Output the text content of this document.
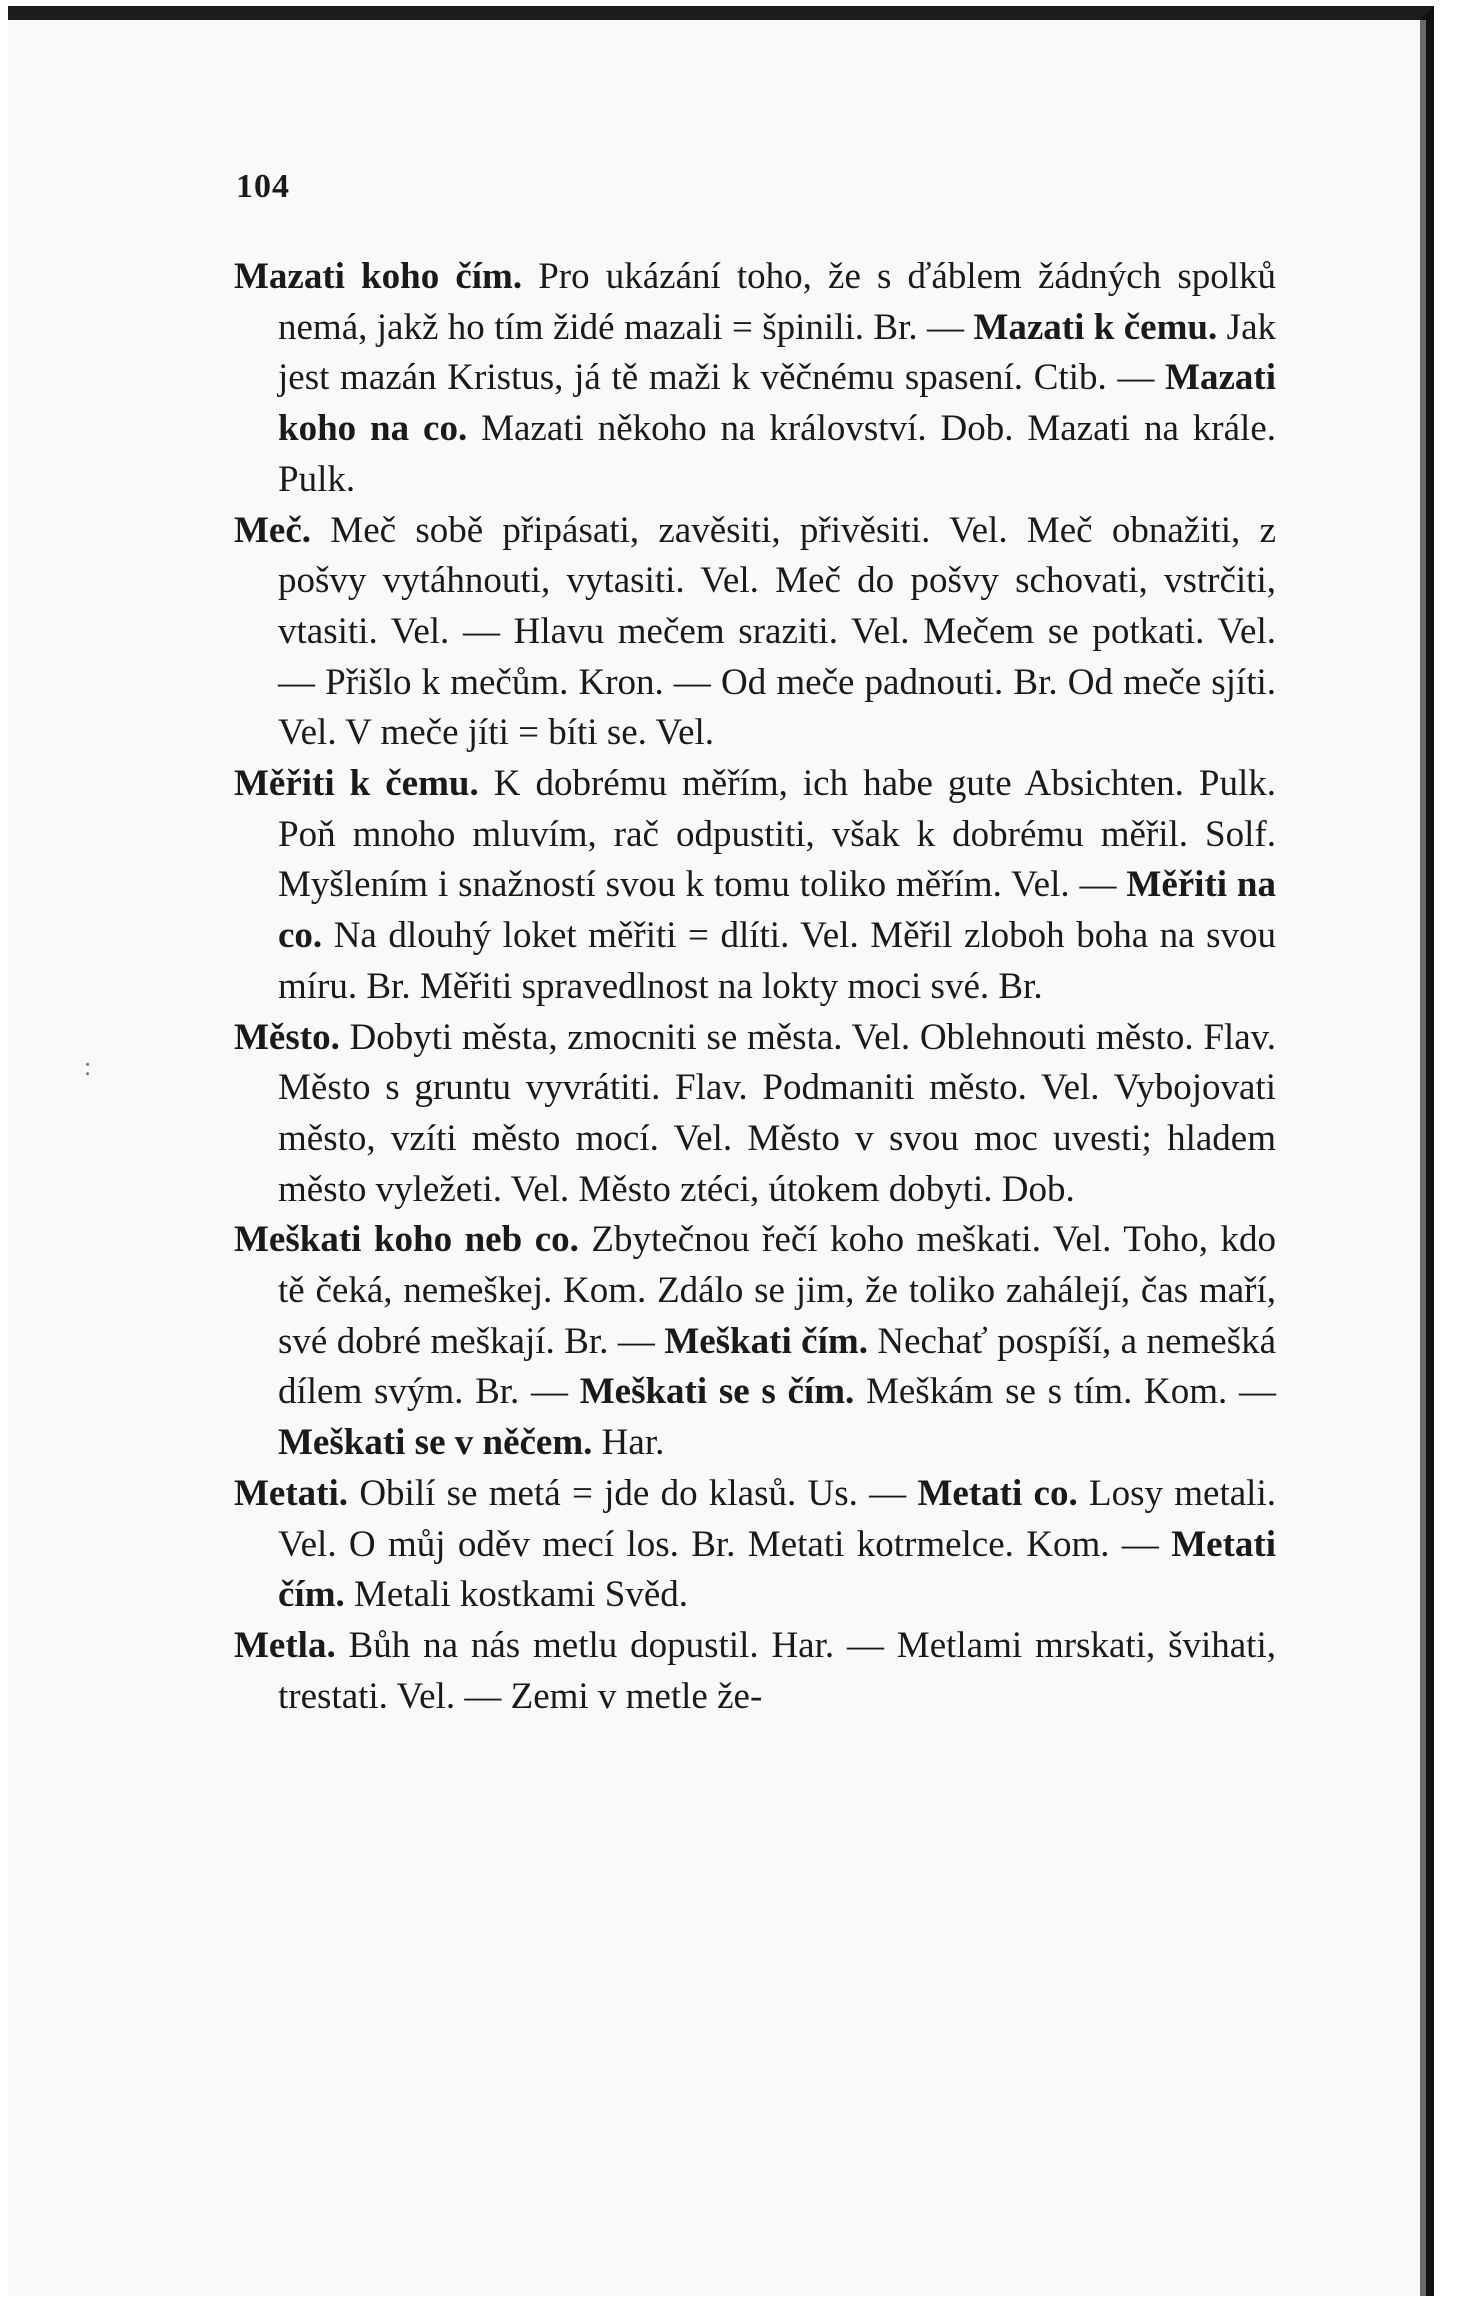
:
104

Mazati koho čím. Pro ukázání toho, že s ďáblem žádných spolků nemá, jakž ho tím židé mazali = špinili. Br. — Mazati k čemu. Jak jest mazán Kristus, já tě maži k věčnému spasení. Ctib. — Mazati koho na co. Mazati někoho na království. Dob. Mazati na krále. Pulk.

Meč. Meč sobě připásati, zavěsiti, přivěsiti. Vel. Meč obnažiti, z pošvy vytáhnouti, vytasiti. Vel. Meč do pošvy schovati, vstrčiti, vtasiti. Vel. — Hlavu mečem sraziti. Vel. Mečem se potkati. Vel. — Přišlo k mečům. Kron. — Od meče padnouti. Br. Od meče sjíti. Vel. V meče jíti = bíti se. Vel.

Měřiti k čemu. K dobrému měřím, ich habe gute Absichten. Pulk. Poň mnoho mluvím, rač odpustiti, však k dobrému měřil. Solf. Myšlením i snažností svou k tomu toliko měřím. Vel. — Měřiti na co. Na dlouhý loket měřiti = dlíti. Vel. Měřil zloboh boha na svou míru. Br. Měřiti spravedlnost na lokty moci své. Br.

Město. Dobyti města, zmocniti se města. Vel. Oblehnouti město. Flav. Město s gruntu vyvrátiti. Flav. Podmaniti město. Vel. Vybojovati město, vzíti město mocí. Vel. Město v svou moc uvesti; hladem město vyležeti. Vel. Město ztéci, útokem dobyti. Dob.

Meškati koho neb co. Zbytečnou řečí koho meškati. Vel. Toho, kdo tě čeká, nemeškej. Kom. Zdálo se jim, že toliko zahálejí, čas maří, své dobré meškají. Br. — Meškati čím. Nechať pospíší, a nemešká dílem svým. Br. — Meškati se s čím. Meškám se s tím. Kom. — Meškati se v něčem. Har.

Metati. Obilí se metá = jde do klasů. Us. — Metati co. Losy metali. Vel. O můj oděv mecí los. Br. Metati kotrmelce. Kom. — Metati čím. Metali kostkami Svěd.

Metla. Bůh na nás metlu dopustil. Har. — Metlami mrskati, švihati, trestati. Vel. — Zemi v metle že-
